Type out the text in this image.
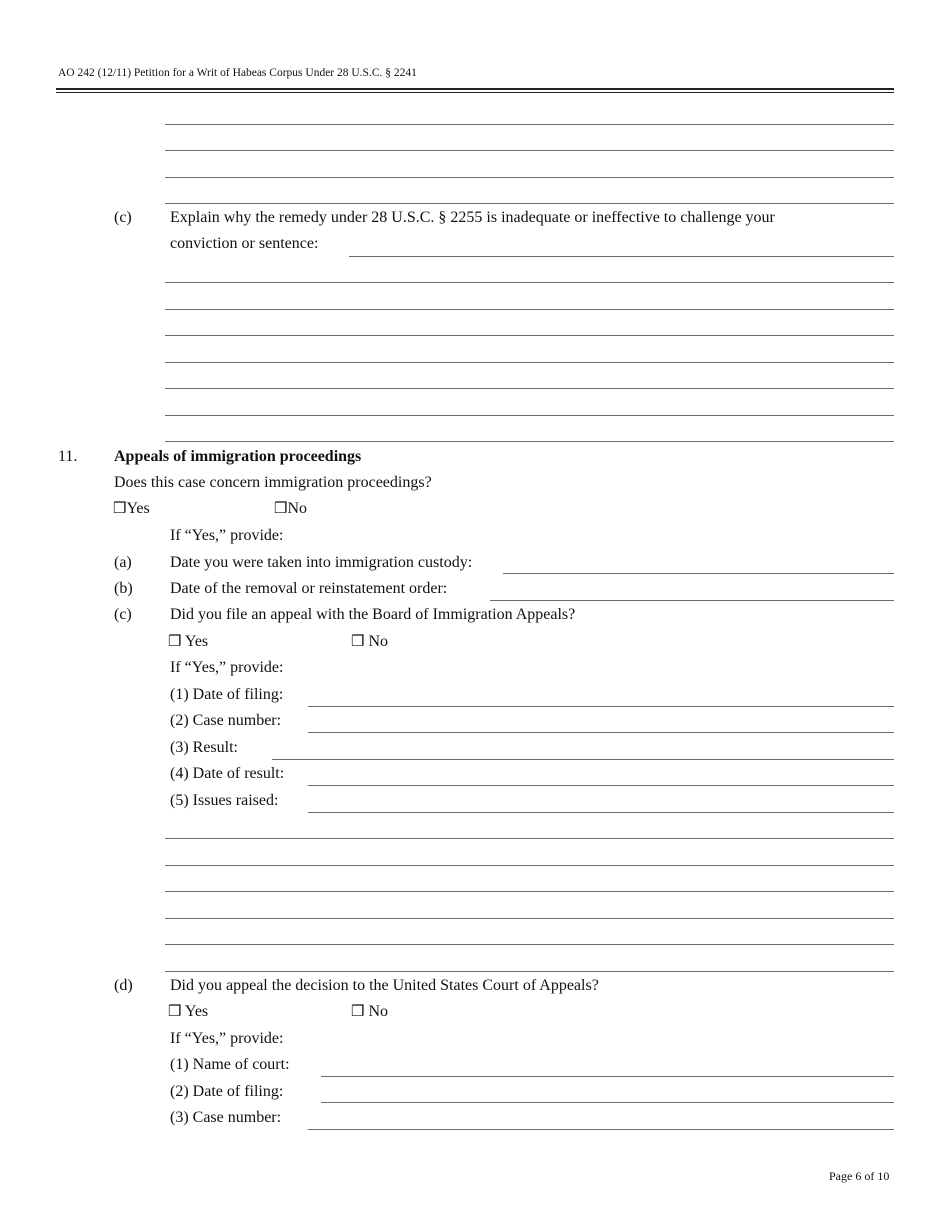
AO 242 (12/11) Petition for a Writ of Habeas Corpus Under 28 U.S.C. § 2241
(c) Explain why the remedy under 28 U.S.C. § 2255 is inadequate or ineffective to challenge your
conviction or sentence:
11. Appeals of immigration proceedings
Does this case concern immigration proceedings?
❒Yes	❒No
If “Yes,” provide:
(a) Date you were taken into immigration custody:
(b) Date of the removal or reinstatement order:
(c) Did you file an appeal with the Board of Immigration Appeals?
❒ Yes	❒ No
If “Yes,” provide:
(1) Date of filing:
(2) Case number:
(3) Result:
(4) Date of result:
(5) Issues raised:
(d) Did you appeal the decision to the United States Court of Appeals?
❒ Yes	❒ No
If “Yes,” provide:
(1) Name of court:
(2) Date of filing:
(3) Case number:
Page 6 of 10
